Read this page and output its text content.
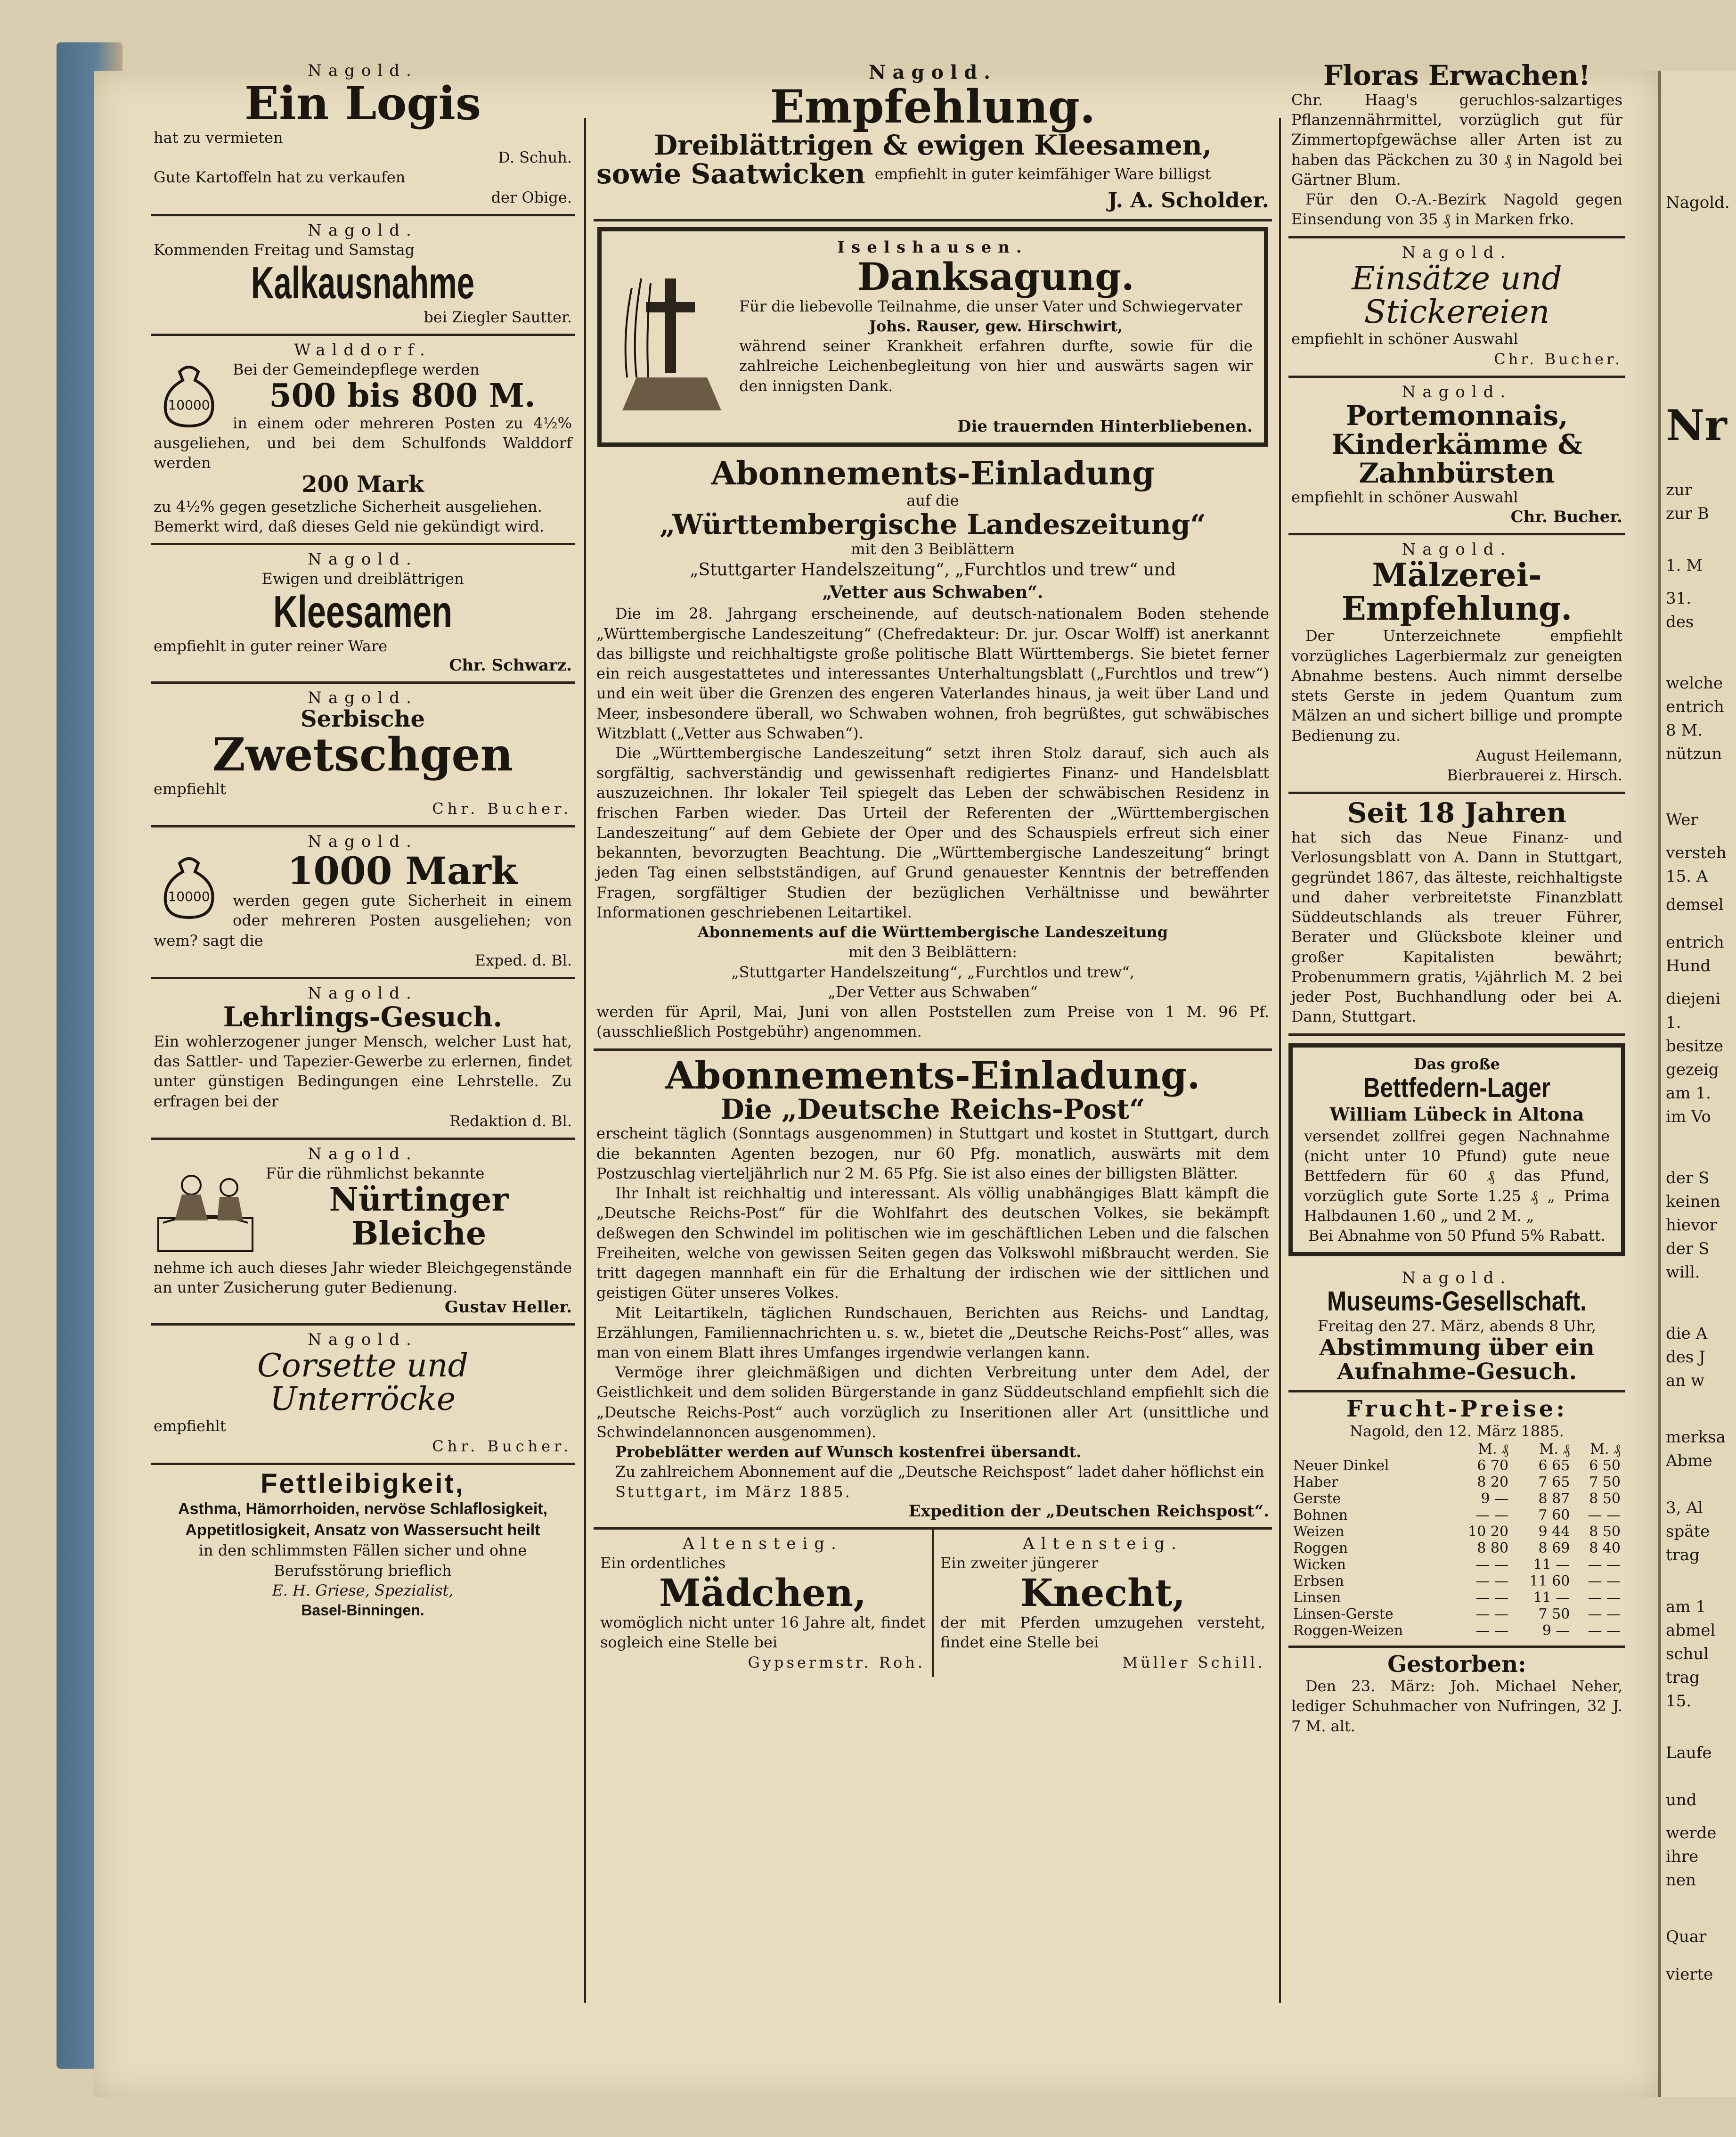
Nagold.
Nr
zur
zur B
1. M
31.
des
welche
entrich
8 M.
nützun
Wer
versteh
15. A
demsel
entrich
Hund
diejeni
1.
besitze
gezeig
am 1.
im Vo
der S
keinen
hievor
der S
will.
die A
des J
an w
merksa
Abme
3, Al
späte
trag
am 1
abmel
schul
trag
15.
Laufe
und
werde
ihre
nen
Quar
vierte
Nagold.
Ein Logis
hat zu vermieten
D. Schuh.
Gute Kartoffeln hat zu verkaufen
der Obige.
Nagold.
Kommenden Freitag und Samstag
Kalkausnahme
bei Ziegler Sautter.
Walddorf.
10000
Bei der Gemeindepflege werden
500 bis 800 M.
in einem oder mehreren Posten zu 4½% ausgeliehen, und bei dem Schulfonds Walddorf werden
200 Mark
zu 4½% gegen gesetzliche Sicherheit ausgeliehen.
Bemerkt wird, daß dieses Geld nie gekündigt wird.
Nagold.
Ewigen und dreiblättrigen
Kleesamen
empfiehlt in guter reiner Ware
Chr. Schwarz.
Nagold.
Serbische
Zwetschgen
empfiehlt
Chr. Bucher.
Nagold.
10000
1000 Mark
werden gegen gute Sicherheit in einem oder mehreren Posten ausgeliehen; von wem? sagt die
Exped. d. Bl.
Nagold.
Lehrlings-Gesuch.
Ein wohlerzogener junger Mensch, welcher Lust hat, das Sattler- und Tapezier-Gewerbe zu erlernen, findet unter günstigen Bedingungen eine Lehrstelle. Zu erfragen bei der
Redaktion d. Bl.
Nagold.
Für die rühmlichst bekannte
Nürtinger
Bleiche
nehme ich auch dieses Jahr wieder Bleichgegenstände an unter Zusicherung guter Bedienung.
Gustav Heller.
Nagold.
Corsette und
Unterröcke
empfiehlt
Chr. Bucher.
Fettleibigkeit,
Asthma, Hämorrhoiden, nervöse Schlaflosigkeit, Appetitlosigkeit, Ansatz von Wassersucht heilt
in den schlimmsten Fällen sicher und ohne Berufsstörung brieflich
E. H. Griese, Spezialist,
Basel-Binningen.
Nagold.
Empfehlung.
Dreiblättrigen & ewigen Kleesamen,
sowie Saatwicken empfiehlt in guter keimfähiger Ware billigst
J. A. Scholder.
Iselshausen.
Danksagung.
Für die liebevolle Teilnahme, die unser Vater und Schwiegervater
Johs. Rauser, gew. Hirschwirt,
während seiner Krankheit erfahren durfte, sowie für die zahlreiche Leichenbegleitung von hier und auswärts sagen wir den innigsten Dank.
Die trauernden Hinterbliebenen.
Abonnements-Einladung
auf die
„Württembergische Landeszeitung“
mit den 3 Beiblättern
„Stuttgarter Handelszeitung“, „Furchtlos und trew“ und
„Vetter aus Schwaben“.
Die im 28. Jahrgang erscheinende, auf deutsch-nationalem Boden stehende „Württembergische Landeszeitung“ (Chefredakteur: Dr. jur. Oscar Wolff) ist anerkannt das billigste und reichhaltigste große politische Blatt Württembergs. Sie bietet ferner ein reich ausgestattetes und interessantes Unterhaltungsblatt („Furchtlos und trew“) und ein weit über die Grenzen des engeren Vaterlandes hinaus, ja weit über Land und Meer, insbesondere überall, wo Schwaben wohnen, froh begrüßtes, gut schwäbisches Witzblatt („Vetter aus Schwaben“).
Die „Württembergische Landeszeitung“ setzt ihren Stolz darauf, sich auch als sorgfältig, sachverständig und gewissenhaft redigiertes Finanz- und Handelsblatt auszuzeichnen. Ihr lokaler Teil spiegelt das Leben der schwäbischen Residenz in frischen Farben wieder. Das Urteil der Referenten der „Württembergischen Landeszeitung“ auf dem Gebiete der Oper und des Schauspiels erfreut sich einer bekannten, bevorzugten Beachtung. Die „Württembergische Landeszeitung“ bringt jeden Tag einen selbstständigen, auf Grund genauester Kenntnis der betreffenden Fragen, sorgfältiger Studien der bezüglichen Verhältnisse und bewährter Informationen geschriebenen Leitartikel.
Abonnements auf die Württembergische Landeszeitung
mit den 3 Beiblättern:
„Stuttgarter Handelszeitung“, „Furchtlos und trew“,
„Der Vetter aus Schwaben“
werden für April, Mai, Juni von allen Poststellen zum Preise von 1 M. 96 Pf. (ausschließlich Postgebühr) angenommen.
Abonnements-Einladung.
Die „Deutsche Reichs-Post“
erscheint täglich (Sonntags ausgenommen) in Stuttgart und kostet in Stuttgart, durch die bekannten Agenten bezogen, nur 60 Pfg. monatlich, auswärts mit dem Postzuschlag vierteljährlich nur 2 M. 65 Pfg. Sie ist also eines der billigsten Blätter.
Ihr Inhalt ist reichhaltig und interessant. Als völlig unabhängiges Blatt kämpft die „Deutsche Reichs-Post“ für die Wohlfahrt des deutschen Volkes, sie bekämpft deßwegen den Schwindel im politischen wie im geschäftlichen Leben und die falschen Freiheiten, welche von gewissen Seiten gegen das Volkswohl mißbraucht werden. Sie tritt dagegen mannhaft ein für die Erhaltung der irdischen wie der sittlichen und geistigen Güter unseres Volkes.
Mit Leitartikeln, täglichen Rundschauen, Berichten aus Reichs- und Landtag, Erzählungen, Familiennachrichten u. s. w., bietet die „Deutsche Reichs-Post“ alles, was man von einem Blatt ihres Umfanges irgendwie verlangen kann.
Vermöge ihrer gleichmäßigen und dichten Verbreitung unter dem Adel, der Geistlichkeit und dem soliden Bürgerstande in ganz Süddeutschland empfiehlt sich die „Deutsche Reichs-Post“ auch vorzüglich zu Inseritionen aller Art (unsittliche und Schwindelannoncen ausgenommen).
Probeblätter werden auf Wunsch kostenfrei übersandt.
Zu zahlreichem Abonnement auf die „Deutsche Reichspost“ ladet daher höflichst ein
Stuttgart, im März 1885.
Expedition der „Deutschen Reichspost“.
Altensteig.
Ein ordentliches
Mädchen,
womöglich nicht unter 16 Jahre alt, findet sogleich eine Stelle bei
Gypsermstr. Roh.
Altensteig.
Ein zweiter jüngerer
Knecht,
der mit Pferden umzugehen versteht, findet eine Stelle bei
Müller Schill.
Floras Erwachen!
Chr. Haag's geruchlos-salzartiges Pflanzennährmittel, vorzüglich gut für Zimmertopfgewächse aller Arten ist zu haben das Päckchen zu 30 ₰ in Nagold bei Gärtner Blum.
Für den O.-A.-Bezirk Nagold gegen Einsendung von 35 ₰ in Marken frko.
Nagold.
Einsätze und
Stickereien
empfiehlt in schöner Auswahl
Chr. Bucher.
Nagold.
Portemonnais, Kinderkämme & Zahnbürsten
empfiehlt in schöner Auswahl
Chr. Bucher.
Nagold.
Mälzerei-
Empfehlung.
Der Unterzeichnete empfiehlt vorzügliches Lagerbiermalz zur geneigten Abnahme bestens. Auch nimmt derselbe stets Gerste in jedem Quantum zum Mälzen an und sichert billige und prompte Bedienung zu.
August Heilemann,
Bierbrauerei z. Hirsch.
Seit 18 Jahren
hat sich das Neue Finanz- und Verlosungsblatt von A. Dann in Stuttgart, gegründet 1867, das älteste, reichhaltigste und daher verbreitetste Finanzblatt Süddeutschlands als treuer Führer, Berater und Glücksbote kleiner und großer Kapitalisten bewährt; Probenummern gratis, ¼jährlich M. 2 bei jeder Post, Buchhandlung oder bei A. Dann, Stuttgart.
Das große
Bettfedern-Lager
William Lübeck in Altona
versendet zollfrei gegen Nachnahme (nicht unter 10 Pfund) gute neue Bettfedern für 60 ₰ das Pfund, vorzüglich gute Sorte 1.25 ₰ „ Prima Halbdaunen 1.60 „ und 2 M. „
Bei Abnahme von 50 Pfund 5% Rabatt.
Nagold.
Museums-Gesellschaft.
Freitag den 27. März, abends 8 Uhr,
Abstimmung über ein
Aufnahme-Gesuch.
Frucht-Preise:
Nagold, den 12. März 1885.
	M. ₰	M. ₰	M. ₰
Neuer Dinkel	6 70	6 65	6 50
Haber	8 20	7 65	7 50
Gerste	9 —	8 87	8 50
Bohnen	— —	7 60	— —
Weizen	10 20	9 44	8 50
Roggen	8 80	8 69	8 40
Wicken	— —	11 —	— —
Erbsen	— —	11 60	— —
Linsen	— —	11 —	— —
Linsen-Gerste	— —	7 50	— —
Roggen-Weizen	— —	9 —	— —
Gestorben:
Den 23. März: Joh. Michael Neher, lediger Schuhmacher von Nufringen, 32 J. 7 M. alt.
